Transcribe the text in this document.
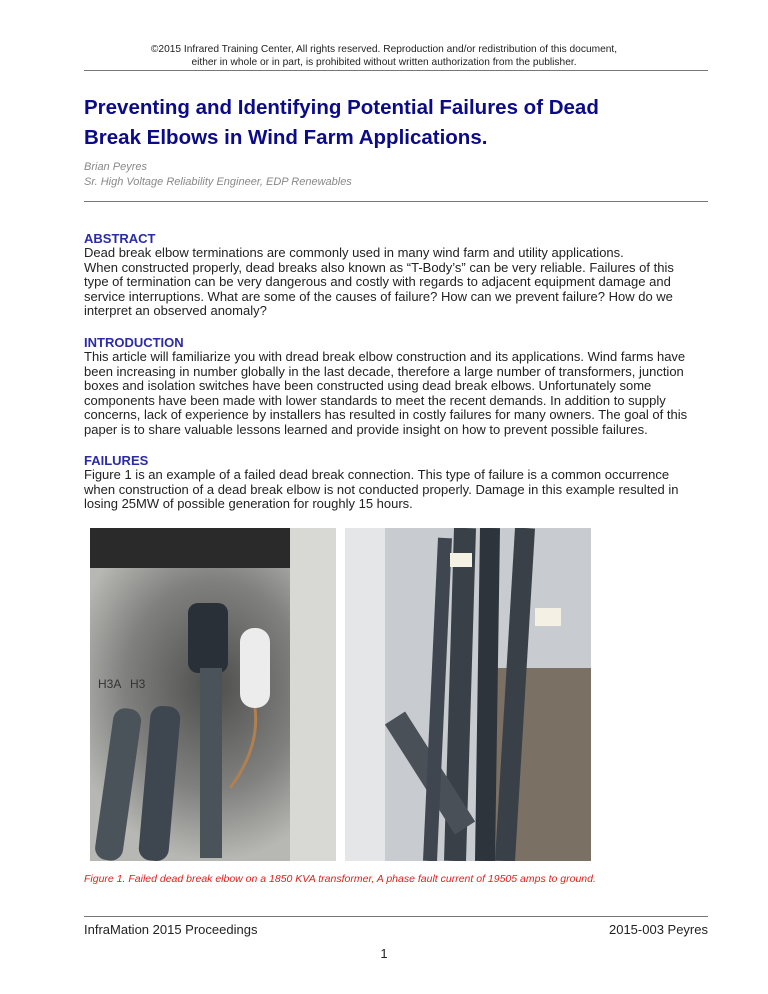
©2015 Infrared Training Center, All rights reserved. Reproduction and/or redistribution of this document,
either in whole or in part, is prohibited without written authorization from the publisher.
Preventing and Identifying Potential Failures of Dead
Break Elbows in Wind Farm Applications.
Brian Peyres
Sr. High Voltage Reliability Engineer, EDP Renewables
ABSTRACT
Dead break elbow terminations are commonly used in many wind farm and utility applications.
When constructed properly, dead breaks also known as “T-Body’s” can be very reliable. Failures of this
type of termination can be very dangerous and costly with regards to adjacent equipment damage and
service interruptions. What are some of the causes of failure? How can we prevent failure? How do we
interpret an observed anomaly?
INTRODUCTION
This article will familiarize you with dread break elbow construction and its applications. Wind farms have
been increasing in number globally in the last decade, therefore a large number of transformers, junction
boxes and isolation switches have been constructed using dead break elbows. Unfortunately some
components have been made with lower standards to meet the recent demands. In addition to supply
concerns, lack of experience by installers has resulted in costly failures for many owners. The goal of this
paper is to share valuable lessons learned and provide insight on how to prevent possible failures.
FAILURES
Figure 1 is an example of a failed dead break connection. This type of failure is a common occurrence
when construction of a dead break elbow is not conducted properly. Damage in this example resulted in
losing 25MW of possible generation for roughly 15 hours.
H3A H3
Figure 1. Failed dead break elbow on a 1850 KVA transformer, A phase fault current of 19505 amps to ground.
InfraMation 2015 Proceedings	2015-003 Peyres
1
